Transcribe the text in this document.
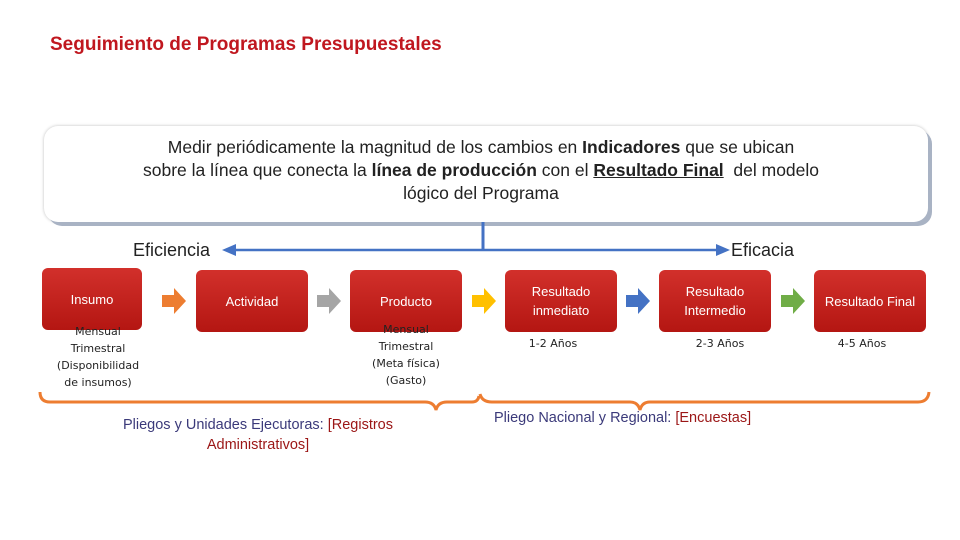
Seguimiento de Programas Presupuestales
Medir periódicamente la magnitud de los cambios en Indicadores que se ubican
sobre la línea que conecta la línea de producción con el Resultado Final  del modelo
lógico del Programa
Eficiencia	Eficacia
Insumo	Actividad	Producto
Resultado inmediato
Resultado Intermedio
Resultado Final
Mensual
Trimestral
(Disponibilidad
de insumos)
Mensual
Trimestral
(Meta física)
(Gasto)
1-2 Años	2-3 Años	4-5 Años
Pliegos y Unidades Ejecutoras: [Registros
Administrativos]
Pliego Nacional y Regional: [Encuestas]
